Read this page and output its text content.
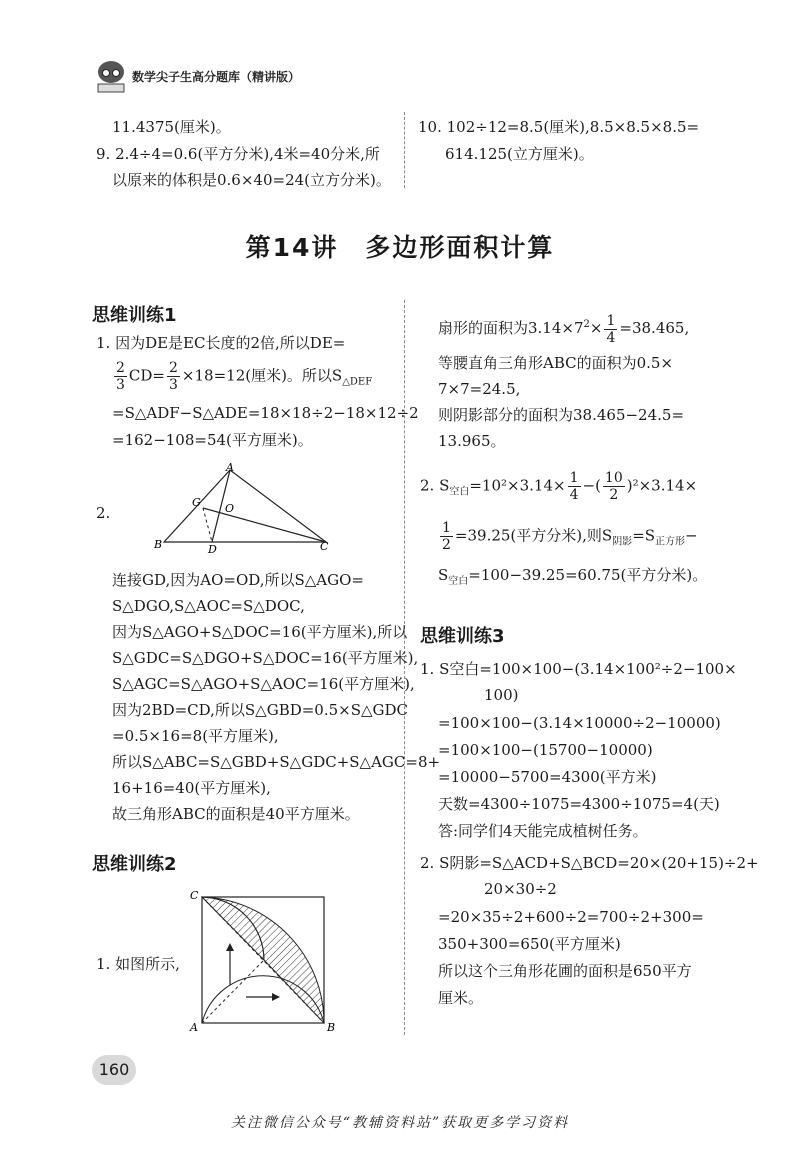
数学尖子生高分题库（精讲版）
11.4375(厘米)。
9. 2.4÷4=0.6(平方分米),4米=40分米,所
以原来的体积是0.6×40=24(立方分米)。
10. 102÷12=8.5(厘米),8.5×8.5×8.5=
614.125(立方厘米)。
第14讲　多边形面积计算
思维训练1
1. 因为DE是EC长度的2倍,所以DE=
$\frac{2}{3} CD= \frac{2}{3} \times 18=12$(厘米)。所以$S_{\triangle DEF}$
=S△ADF−S△ADE=18×18÷2−18×12÷2
=162−108=54(平方厘米)。
2.
A
G O
B	D	C
连接GD,因为AO=OD,所以S△AGO=
S△DGO,S△AOC=S△DOC,
因为S△AGO+S△DOC=16(平方厘米),所以
S△GDC=S△DGO+S△DOC=16(平方厘米),
S△AGC=S△AGO+S△AOC=16(平方厘米),
因为2BD=CD,所以S△GBD=0.5×S△GDC
=0.5×16=8(平方厘米),
所以S△ABC=S△GBD+S△GDC+S△AGC=8+
16+16=40(平方厘米),
故三角形ABC的面积是40平方厘米。
思维训练2
1. 如图所示,
C
A	B
扇形的面积为$3.14\times 7^2\times \frac{1}{4} =38.465$,
等腰直角三角形ABC的面积为0.5×
7×7=24.5,
则阴影部分的面积为38.465−24.5=
13.965。
2. $S_{空白}=10^2\times 3.14\times \frac{1}{4}$ −( $\frac{10}{2} )^2\times 3.14\times$
$\frac{1}{2} =39.25$(平方分米),则$S_{阴影}=S_{正方形}-$
$S_{空白}=100-39.25=60.75$(平方分米)。
思维训练3
1. S空白=100×100−(3.14×100²÷2−100×
100)
=100×100−(3.14×10000÷2−10000)
=100×100−(15700−10000)
=10000−5700=4300(平方米)
天数=4300÷1075=4300÷1075=4(天)
答:同学们4天能完成植树任务。
2. S阴影=S△ACD+S△BCD=20×(20+15)÷2+
20×30÷2
=20×35÷2+600÷2=700÷2+300=
350+300=650(平方厘米)
所以这个三角形花圃的面积是650平方
厘米。
160
关注微信公众号“教辅资料站”获取更多学习资料
